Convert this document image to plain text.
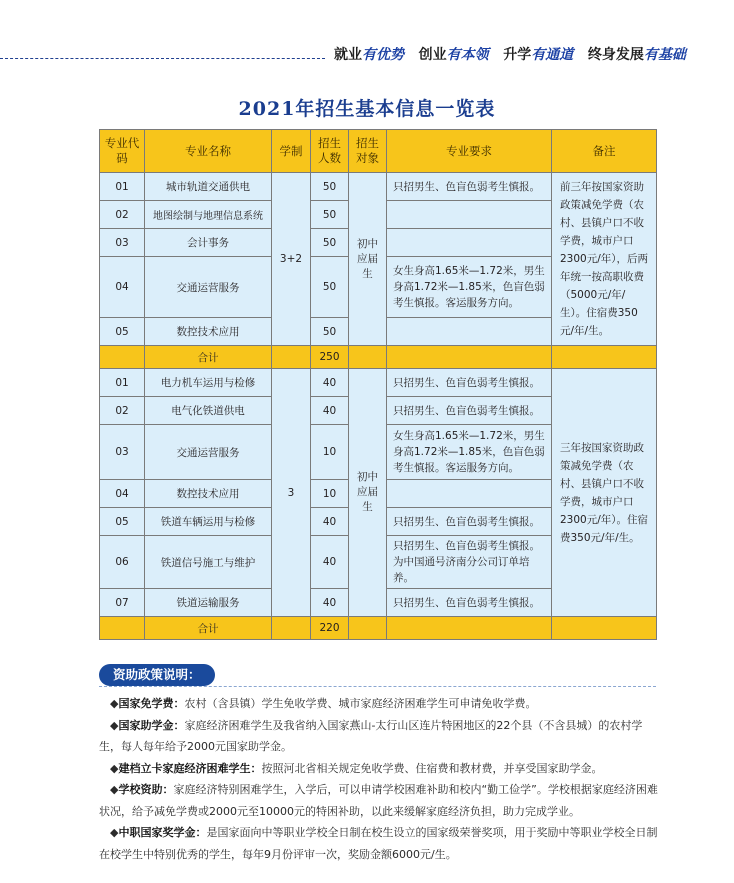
就业有优势 创业有本领 升学有通道 终身发展有基础
2021年招生基本信息一览表
专业代码	专业名称	学制	招生人数	招生对象	专业要求	备注
01	城市轨道交通供电	3+2	50	初中应届生	只招男生、色盲色弱考生慎报。	前三年按国家资助政策减免学费（农村、县镇户口不收学费，城市户口2300元/年），后两年统一按高职收费（5000元/年/生）。住宿费350元/年/生。
02	地图绘制与地理信息系统		50			
03	会计事务		50			
04	交通运营服务		50		女生身高1.65米—1.72米，男生身高1.72米—1.85米，色盲色弱考生慎报。客运服务方向。	
05	数控技术应用		50			
	合计		250			
01	电力机车运用与检修	3	40	初中应届生	只招男生、色盲色弱考生慎报。	三年按国家资助政策减免学费（农村、县镇户口不收学费，城市户口2300元/年）。住宿费350元/年/生。
02	电气化铁道供电		40		只招男生、色盲色弱考生慎报。	
03	交通运营服务		10		女生身高1.65米—1.72米，男生身高1.72米—1.85米，色盲色弱考生慎报。客运服务方向。	
04	数控技术应用		10			
05	铁道车辆运用与检修		40		只招男生、色盲色弱考生慎报。	
06	铁道信号施工与维护		40		只招男生、色盲色弱考生慎报。为中国通号济南分公司订单培养。	
07	铁道运输服务		40		只招男生、色盲色弱考生慎报。	
	合计		220			
资助政策说明：

◆国家免学费：农村（含县镇）学生免收学费、城市家庭经济困难学生可申请免收学费。

◆国家助学金：家庭经济困难学生及我省纳入国家燕山-太行山区连片特困地区的22个县（不含县城）的农村学生，每人每年给予2000元国家助学金。

◆建档立卡家庭经济困难学生：按照河北省相关规定免收学费、住宿费和教材费，并享受国家助学金。

◆学校资助：家庭经济特别困难学生，入学后，可以申请学校困难补助和校内“勤工俭学”。学校根据家庭经济困难状况，给予减免学费或2000元至10000元的特困补助，以此来缓解家庭经济负担，助力完成学业。

◆中职国家奖学金：是国家面向中等职业学校全日制在校生设立的国家级荣誉奖项，用于奖励中等职业学校全日制在校学生中特别优秀的学生，每年9月份评审一次，奖励金额6000元/生。
